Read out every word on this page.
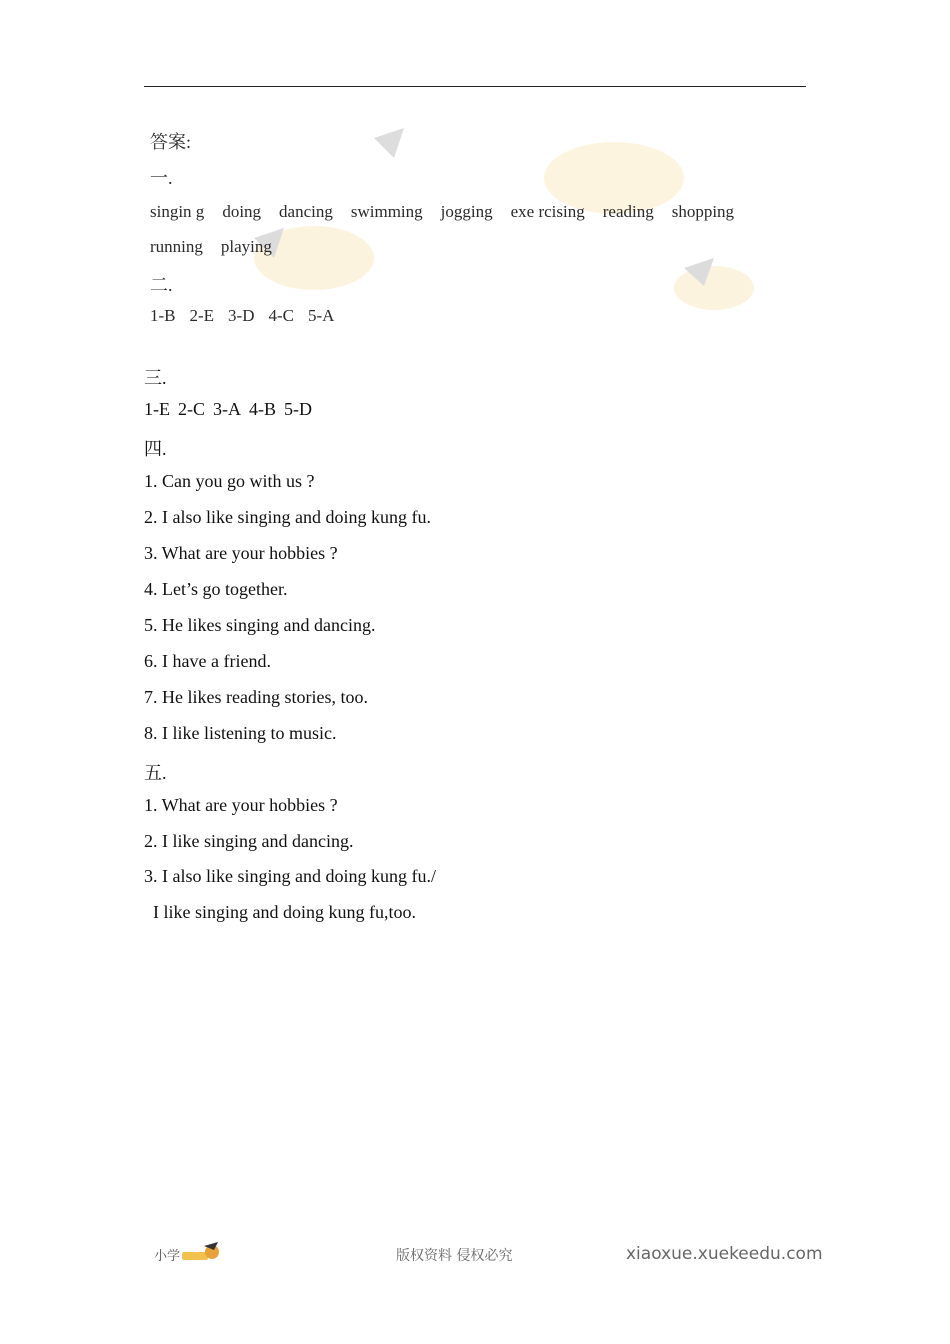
答案:
一.
singin g doing dancing swimming jogging exe rcising reading shopping
running playing
二.
1-B 2-E 3-D 4-C 5-A
三.
1-E 2-C 3-A 4-B 5-D
四.
1. Can you go with us ?
2. I also like singing and doing kung fu.
3. What are your hobbies ?
4. Let’s go together.
5. He likes singing and dancing.
6. I have a friend.
7. He likes reading stories, too.
8. I like listening to music.
五.
1. What are your hobbies ?
2. I like singing and dancing.
3. I also like singing and doing kung fu./
I like singing and doing kung fu,too.
小学	版权资料 侵权必究	xiaoxue.xuekeedu.com
